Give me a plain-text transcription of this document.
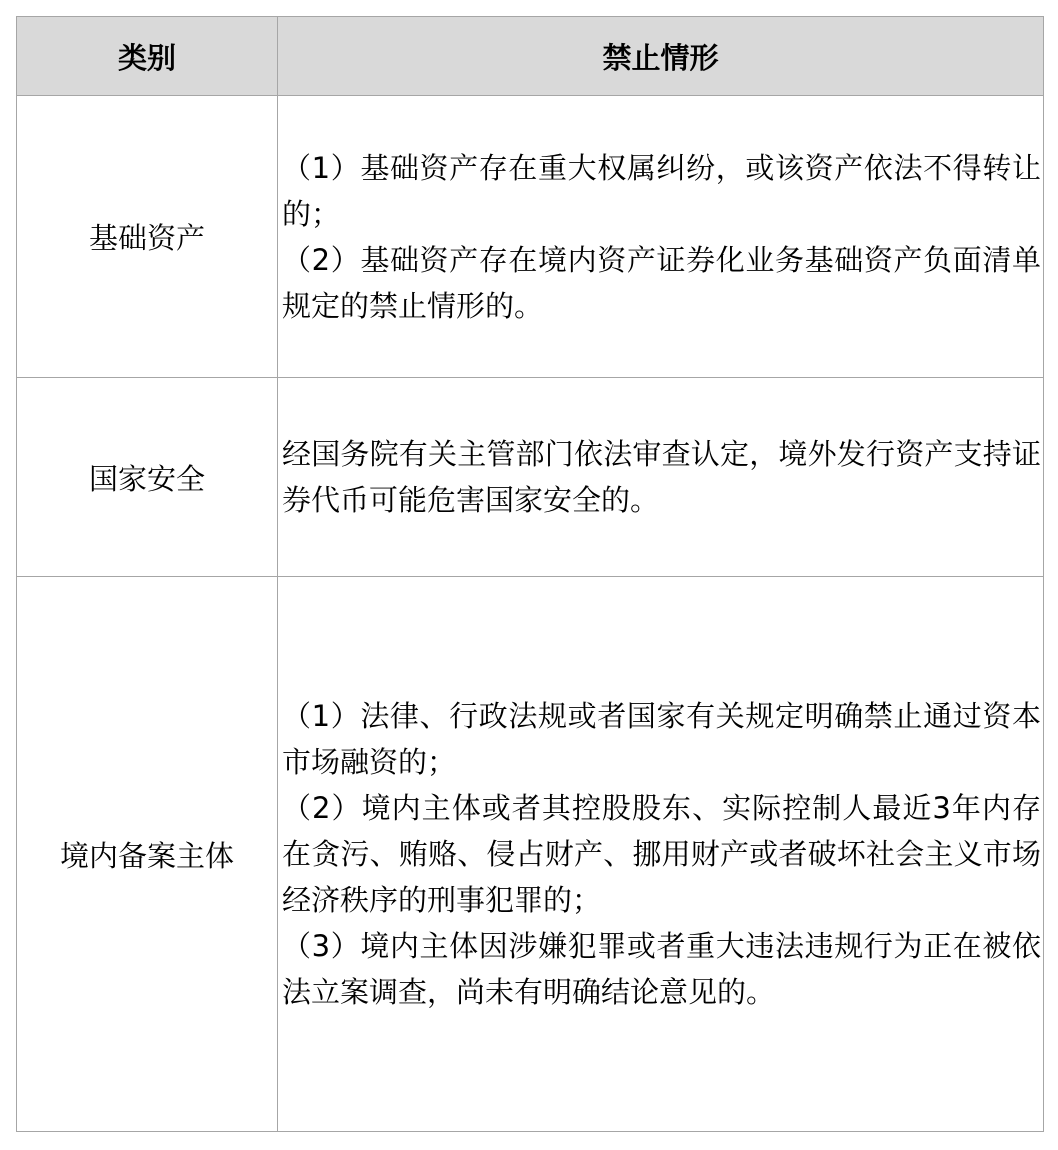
类别	禁止情形
基础资产	（1）基础资产存在重大权属纠纷，或该资产依法不得转让的；
（2）基础资产存在境内资产证券化业务基础资产负面清单规定的禁止情形的。

国家安全	经国务院有关主管部门依法审查认定，境外发行资产支持证券代币可能危害国家安全的。

境内备案主体	（1）法律、行政法规或者国家有关规定明确禁止通过资本市场融资的；
（2）境内主体或者其控股股东、实际控制人最近3年内存在贪污、贿赂、侵占财产、挪用财产或者破坏社会主义市场经济秩序的刑事犯罪的；
（3）境内主体因涉嫌犯罪或者重大违法违规行为正在被依法立案调查，尚未有明确结论意见的。
